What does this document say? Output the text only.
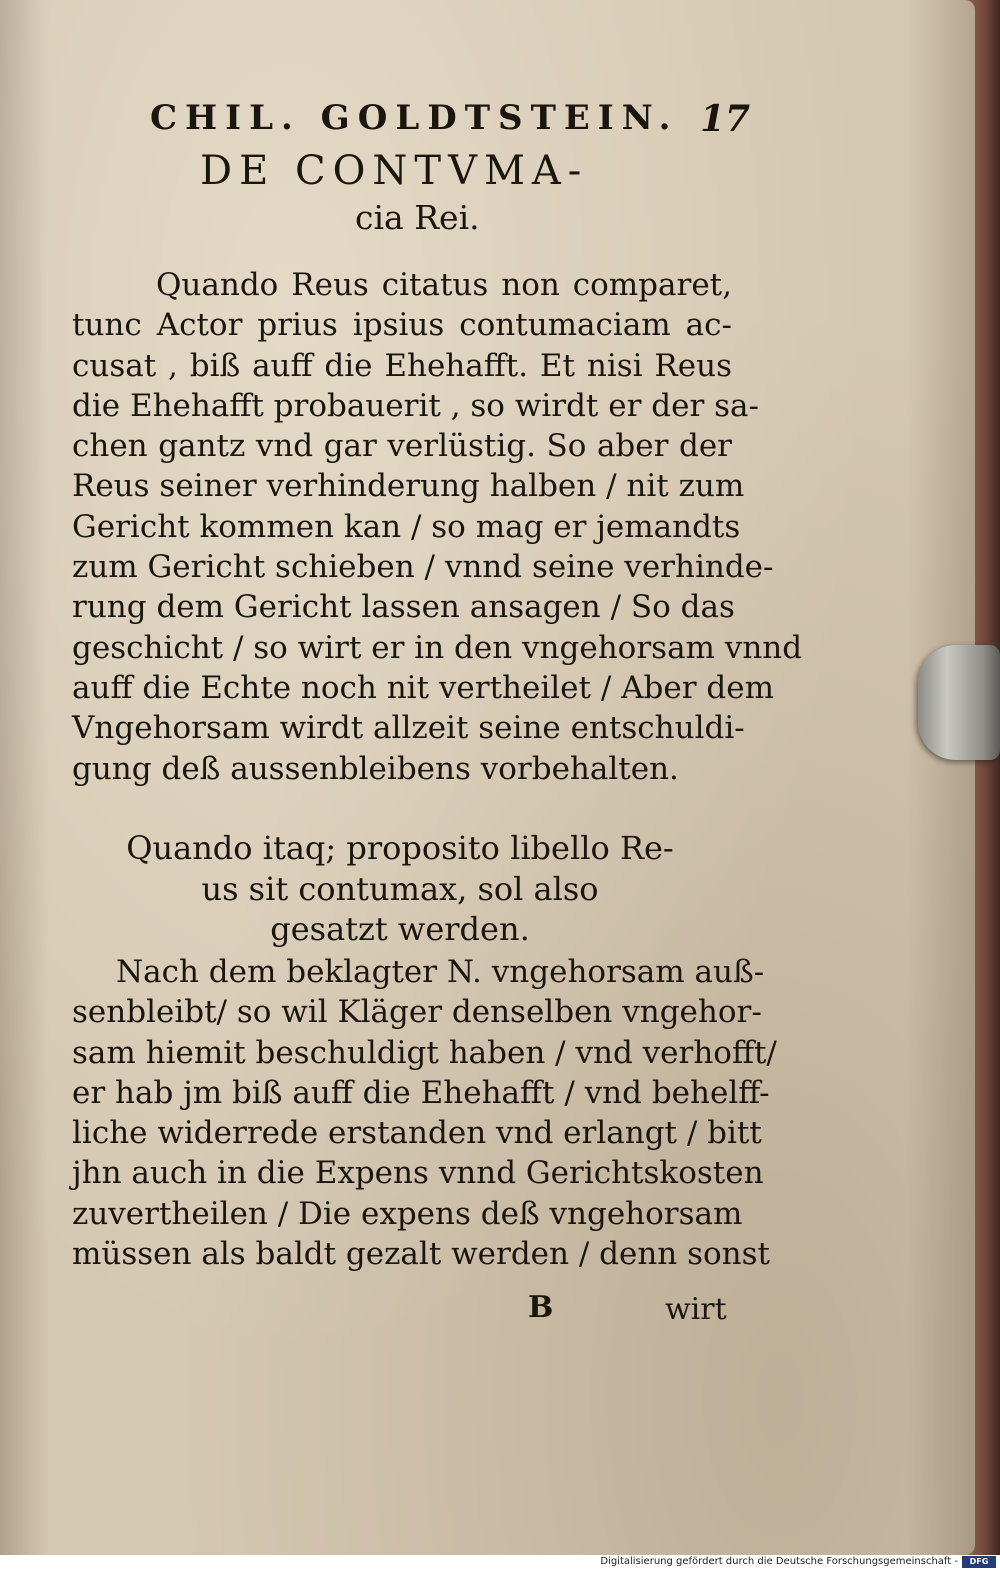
CHIL. GOLDTSTEIN. 17
DE CONTVMA-
cia Rei.
Quando Reus citatus non comparet,
tunc Actor prius ipsius contumaciam ac-
cusat , biß auff die Ehehafft. Et nisi Reus
die Ehehafft probauerit , so wirdt er der sa-
chen gantz vnd gar verlüstig. So aber der
Reus seiner verhinderung halben / nit zum
Gericht kommen kan / so mag er jemandts
zum Gericht schieben / vnnd seine verhinde-
rung dem Gericht lassen ansagen / So das
geschicht / so wirt er in den vngehorsam vnnd
auff die Echte noch nit vertheilet / Aber dem
Vngehorsam wirdt allzeit seine entschuldi-
gung deß aussenbleibens vorbehalten.
Quando itaq; proposito libello Re-
us sit contumax, sol also
gesatzt werden.
Nach dem beklagter N. vngehorsam auß-
senbleibt/ so wil Kläger denselben vngehor-
sam hiemit beschuldigt haben / vnd verhofft/
er hab jm biß auff die Ehehafft / vnd behelff-
liche widerrede erstanden vnd erlangt / bitt
jhn auch in die Expens vnnd Gerichtskosten
zuvertheilen / Die expens deß vngehorsam
müssen als baldt gezalt werden / denn sonst
B	wirt
Digitalisierung gefördert durch die Deutsche Forschungsgemeinschaft -	DFG
